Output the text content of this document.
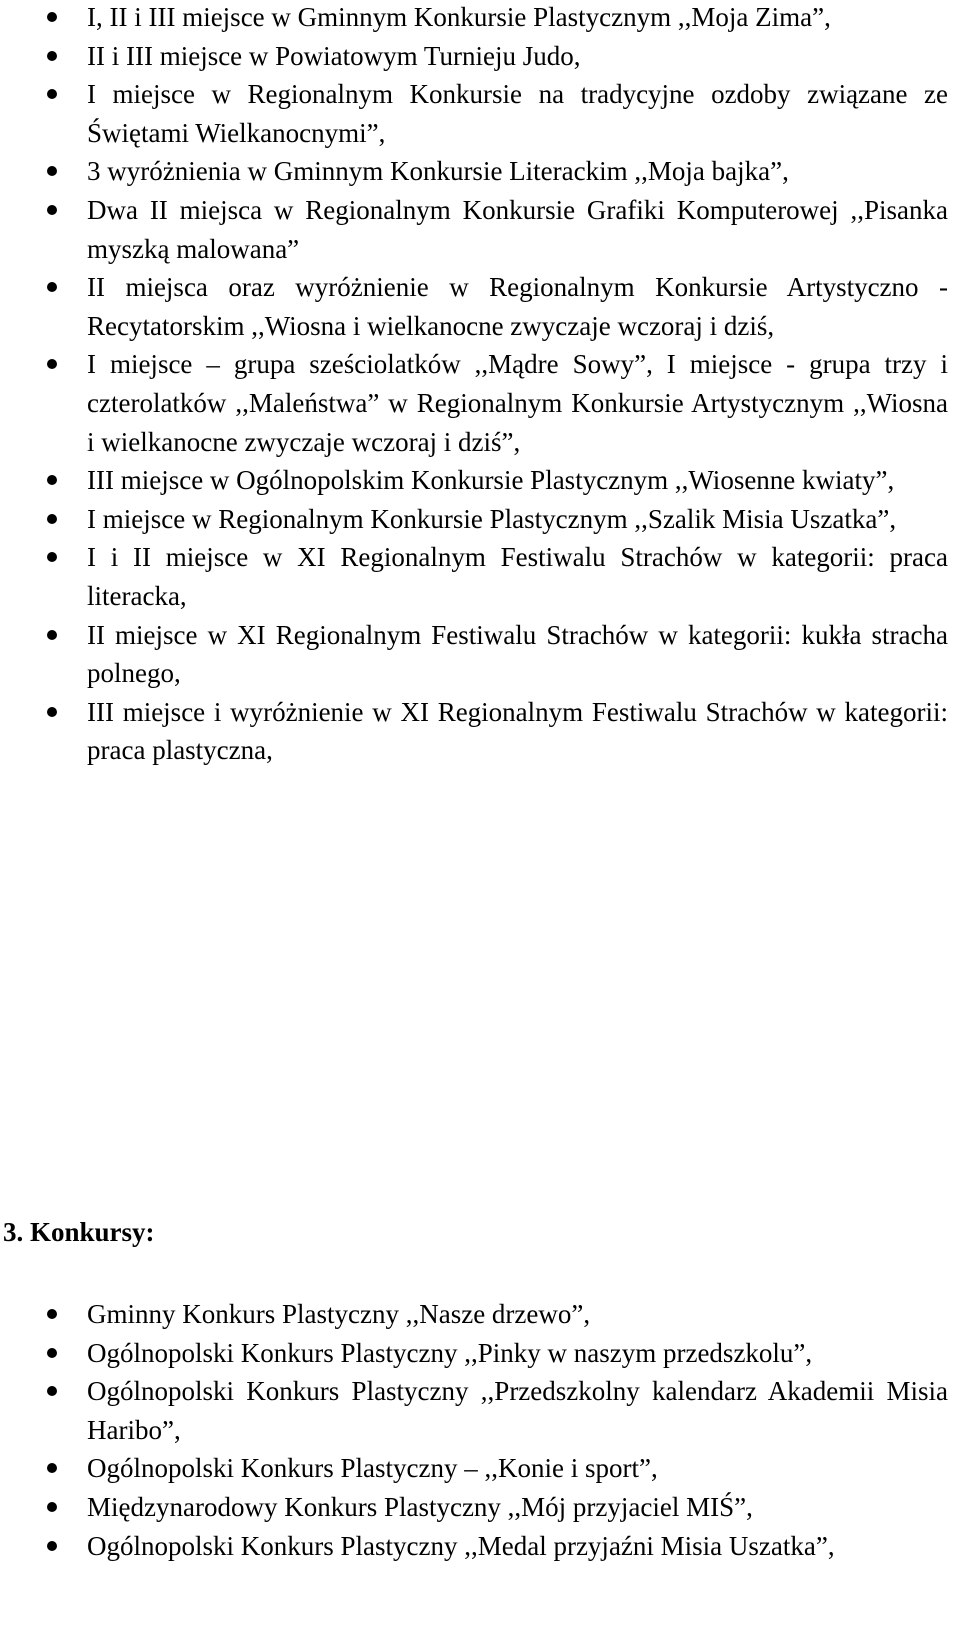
I, II i III miejsce w Gminnym Konkursie Plastycznym ,,Moja Zima”,
II i III miejsce w Powiatowym Turnieju Judo,
I miejsce w Regionalnym Konkursie na tradycyjne ozdoby związane ze Świętami Wielkanocnymi”,
3 wyróżnienia w Gminnym Konkursie Literackim ,,Moja bajka”,
Dwa II miejsca w Regionalnym Konkursie Grafiki Komputerowej ,,Pisanka myszką malowana”
II miejsca oraz wyróżnienie w Regionalnym Konkursie Artystyczno - Recytatorskim ,,Wiosna i wielkanocne zwyczaje wczoraj i dziś,
I miejsce – grupa sześciolatków ,,Mądre Sowy”, I miejsce - grupa trzy i czterolatków ,,Maleństwa” w Regionalnym Konkursie Artystycznym ,,Wiosna i wielkanocne zwyczaje wczoraj i dziś”,
III miejsce w Ogólnopolskim Konkursie Plastycznym ,,Wiosenne kwiaty”,
I miejsce w Regionalnym Konkursie Plastycznym ,,Szalik Misia Uszatka”,
I i II miejsce w XI Regionalnym Festiwalu Strachów w kategorii: praca literacka,
II miejsce w XI Regionalnym Festiwalu Strachów w kategorii: kukła stracha polnego,
III miejsce i wyróżnienie w XI Regionalnym Festiwalu Strachów w kategorii: praca plastyczna,
3. Konkursy:
Gminny Konkurs Plastyczny ,,Nasze drzewo”,
Ogólnopolski Konkurs Plastyczny ,,Pinky w naszym przedszkolu”,
Ogólnopolski Konkurs Plastyczny ,,Przedszkolny kalendarz Akademii Misia Haribo”,
Ogólnopolski Konkurs Plastyczny – ,,Konie i sport”,
Międzynarodowy Konkurs Plastyczny ,,Mój przyjaciel MIŚ”,
Ogólnopolski Konkurs Plastyczny ,,Medal przyjaźni Misia Uszatka”,
